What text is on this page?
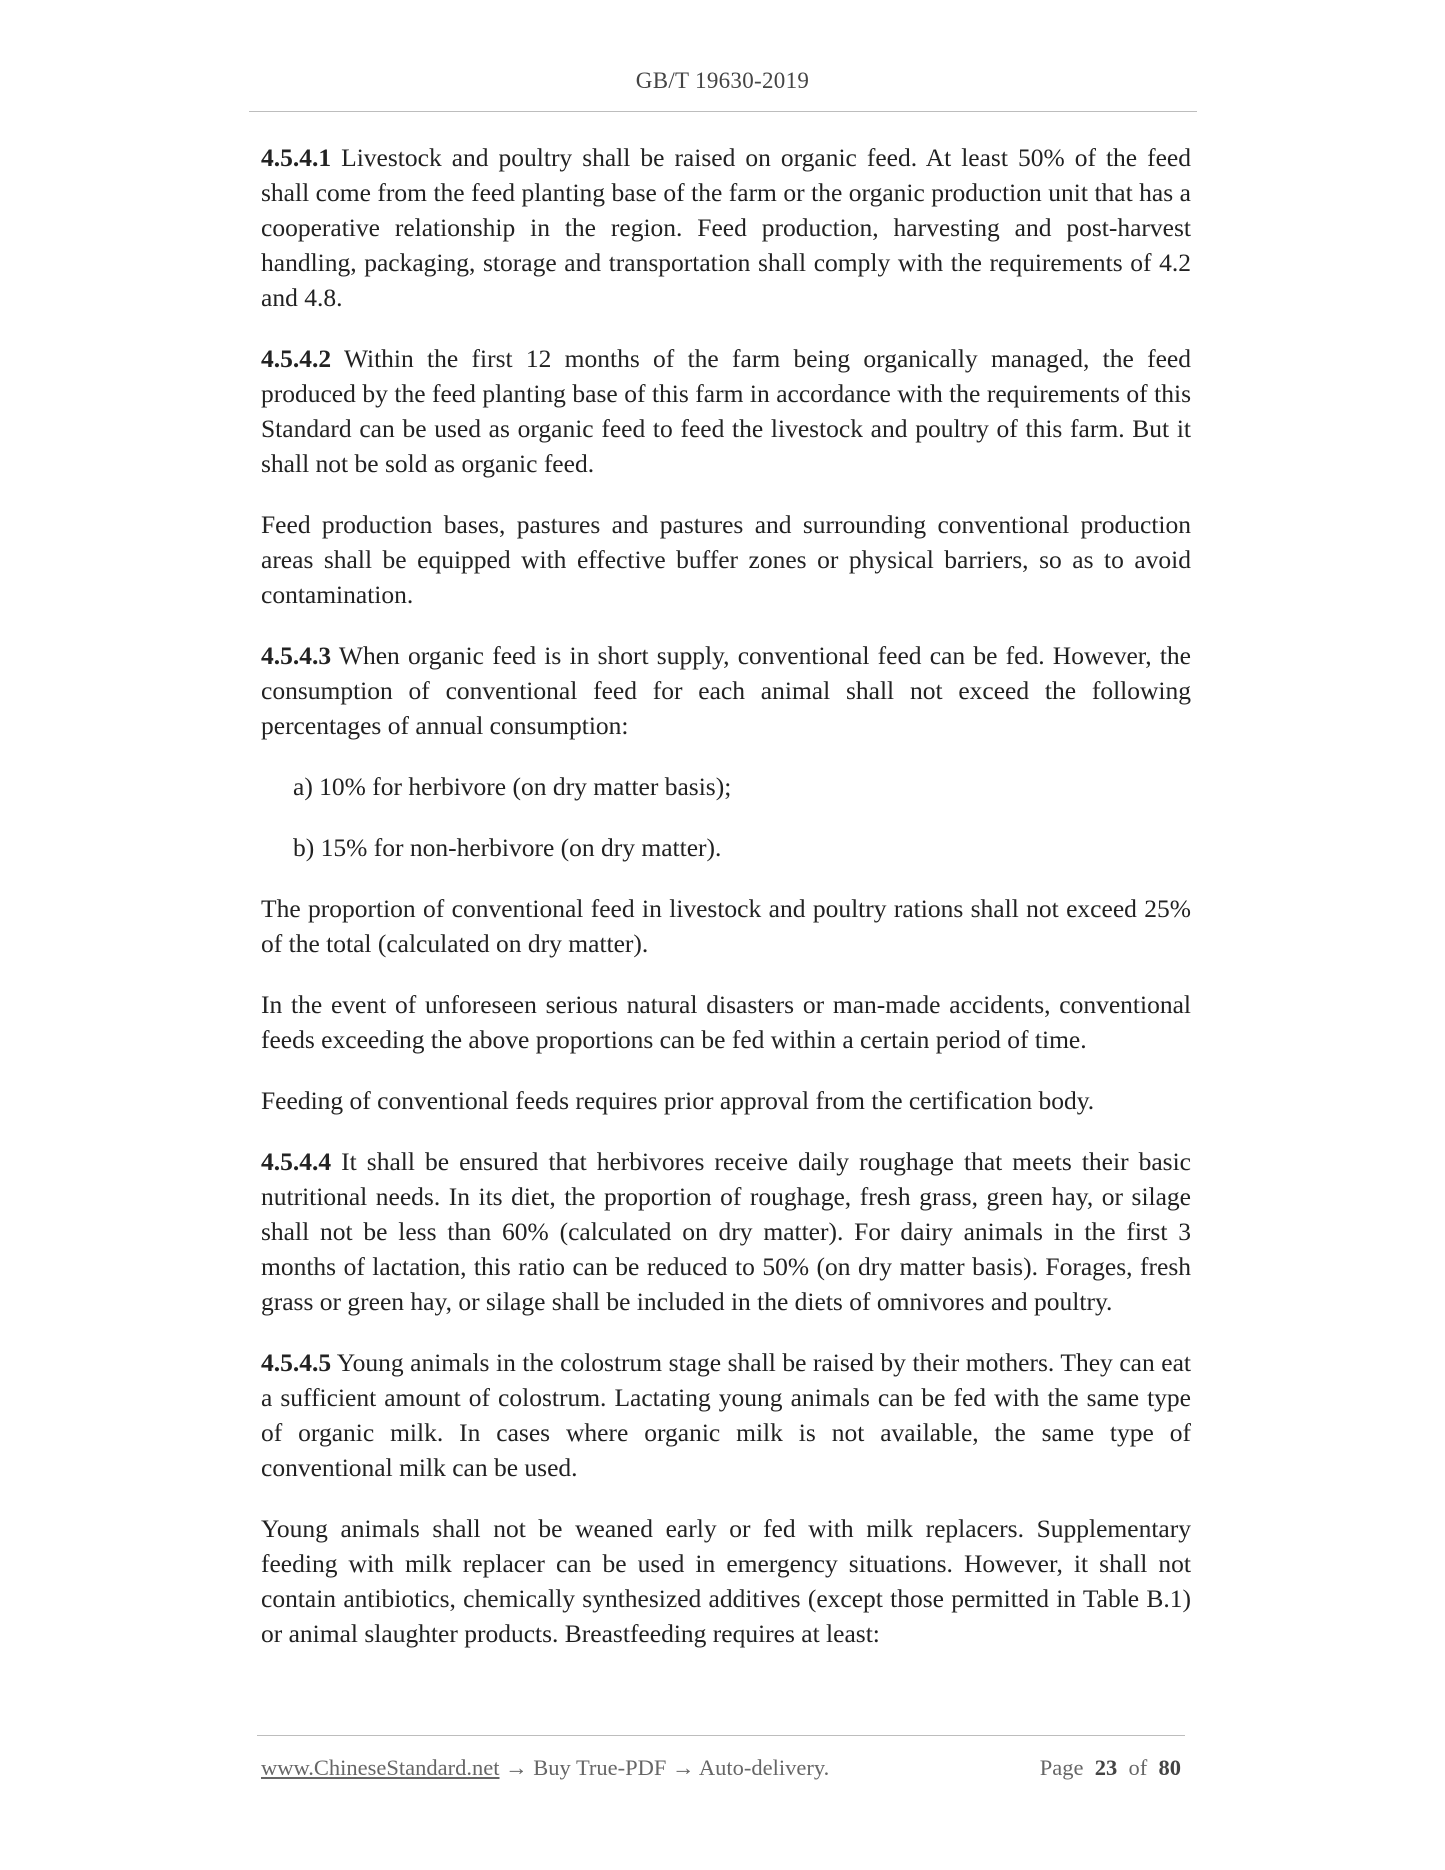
GB/T 19630-2019

4.5.4.1 Livestock and poultry shall be raised on organic feed. At least 50% of the feed shall come from the feed planting base of the farm or the organic production unit that has a cooperative relationship in the region. Feed production, harvesting and post-harvest handling, packaging, storage and transportation shall comply with the requirements of 4.2 and 4.8.

4.5.4.2 Within the first 12 months of the farm being organically managed, the feed produced by the feed planting base of this farm in accordance with the requirements of this Standard can be used as organic feed to feed the livestock and poultry of this farm. But it shall not be sold as organic feed.

Feed production bases, pastures and pastures and surrounding conventional production areas shall be equipped with effective buffer zones or physical barriers, so as to avoid contamination.

4.5.4.3 When organic feed is in short supply, conventional feed can be fed. However, the consumption of conventional feed for each animal shall not exceed the following percentages of annual consumption:

a) 10% for herbivore (on dry matter basis);

b) 15% for non-herbivore (on dry matter).

The proportion of conventional feed in livestock and poultry rations shall not exceed 25% of the total (calculated on dry matter).

In the event of unforeseen serious natural disasters or man-made accidents, conventional feeds exceeding the above proportions can be fed within a certain period of time.

Feeding of conventional feeds requires prior approval from the certification body.

4.5.4.4 It shall be ensured that herbivores receive daily roughage that meets their basic nutritional needs. In its diet, the proportion of roughage, fresh grass, green hay, or silage shall not be less than 60% (calculated on dry matter). For dairy animals in the first 3 months of lactation, this ratio can be reduced to 50% (on dry matter basis). Forages, fresh grass or green hay, or silage shall be included in the diets of omnivores and poultry.

4.5.4.5 Young animals in the colostrum stage shall be raised by their mothers. They can eat a sufficient amount of colostrum. Lactating young animals can be fed with the same type of organic milk. In cases where organic milk is not available, the same type of conventional milk can be used.

Young animals shall not be weaned early or fed with milk replacers. Supplementary feeding with milk replacer can be used in emergency situations. However, it shall not contain antibiotics, chemically synthesized additives (except those permitted in Table B.1) or animal slaughter products. Breastfeeding requires at least:

www.ChineseStandard.net → Buy True-PDF → Auto-delivery.	Page 23 of 80
